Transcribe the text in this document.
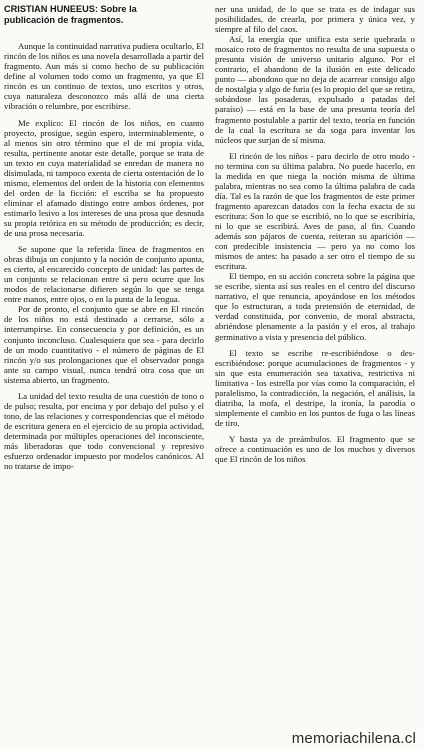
CRISTIAN HUNEEUS: Sobre la

publicación de fragmentos.

Aunque la continuidad narrativa pudiera ocultarlo, El rincón de los niños es una novela desarrollada a partir del fragmento. Aun más si como hecho de su publicación define al volumen todo como un fragmento, ya que El rincón es un continuo de textos, uno escritos y otros, cuya naturaleza desconozco más allá de una cierta vibración o relumbre, por escribirse.

Me explico: El rincón de los niños, en cuanto proyecto, prosigue, según espero, interminablemente, o al menos sin otro término que el de mi propia vida, resulta, pertinente anotar este detalle, porque se trata de un texto en cuya materialidad se enredan de manera no disimulada, ni tampoco exenta de cierta ostentación de lo mismo, elementos del orden de la historia con elementos del orden de la ficción: el escriba se ha propuesto eliminar el afamado distingo entre ambos órdenes, por estimarlo lesivo a los intereses de una prosa que desnuda su propia retórica en su método de producción; es decir, de una prosa necesaria.

Se supone que la referida línea de fragmentos en obras dibuja un conjunto y la noción de conjunto apunta, es cierto, al encarecido concepto de unidad: las partes de un conjunto se relacionan entre sí pero ocurre que los modos de relacionarse difieren según lo que se tenga entre manos, entre ojos, o en la punta de la lengua.

Por de pronto, el conjunto que se abre en El rincón de los niños no está destinado a cerrarse, sólo a interrumpirse. En consecuencia y por definición, es un conjunto inconcluso. Cualesquiera que sea - para decirlo de un modo cuantitativo - el número de páginas de El rincón y/o sus prolongaciones que el observador ponga ante su campo visual, nunca tendrá otra cosa que un sistema abierto, un fragmento.

La unidad del texto resulta de una cuestión de tono o de pulso; resulta, por encima y por debajo del pulso y el tono, de las relaciones y correspondencias que el método de escritura genera en el ejercicio de su propia actividad, determinada por múltiples operaciones del inconsciente, más liberadoras que todo convencional y represivo esfuerzo ordenador impuesto por modelos canónicos. Al no tratarse de impo-

ner una unidad, de lo que se trata es de indagar sus posibilidades, de crearla, por primera y única vez, y siempre al filo del caos.

Así, la energía que unifica esta serie quebrada o mosaico roto de fragmentos no resulta de una supuesta o presunta visión de universo unitario alguno. Por el contrario, el abandono de la ilusión en este delicado punto — abondono que no deja de acarrear consigo algo de nostalgia y algo de furia (es lo propio del que se retira, sobándose las posaderas, expulsado a patadas del paraíso) — está en la base de una presunta teoría del fragmento postulable a partir del texto, teoría en función de la cual la escritura se da soga para inventar los núcleos que surjan de sí misma.

El rincón de los niños - para decirlo de otro modo - no termina con su última palabra. No puede hacerlo, en la medida en que niega la noción misma de última palabra, mientras no sea como la última palabra de cada día. Tal es la razón de que los fragmentos de este primer fragmento aparezcan datados con la fecha exacta de su escritura: Son lo que se escribió, no lo que se escribiría, ni lo que se escribirá. Aves de paso, al fin. Cuando además son pájaros de cuenta, reiteran su aparición — con predecible insistencia — pero ya no como los mismos de antes: ha pasado a ser otro el tiempo de su escritura.

El tiempo, en su acción concreta sobre la página que se escribe, sienta así sus reales en el centro del discurso narrativo, el que renuncia, apoyándose en los métodos que lo estructuran, a toda pretensión de eternidad, de verdad constituida, por convenio, de moral abstracta, abriéndose plenamente a la pasión y el eros, al trabajo germinativo a vista y presencia del público.

El texto se escribe re-escribiéndose o des-escribiéndose: porque acumulaciones de fragmentos - y sin que esta enumeración sea taxativa, restrictiva ni limitativa - los estrella por vías como la comparación, el paralelismo, la contradicción, la negación, el análisis, la diatriba, la mofa, el destripe, la ironía, la parodia o simplemente el cambio en los puntos de fuga o las líneas de tiro.

Y basta ya de preámbulos. El fragmento que se ofrece a continuación es uno de los muchos y diversos que El rincón de los niños

memoriachilena.cl
